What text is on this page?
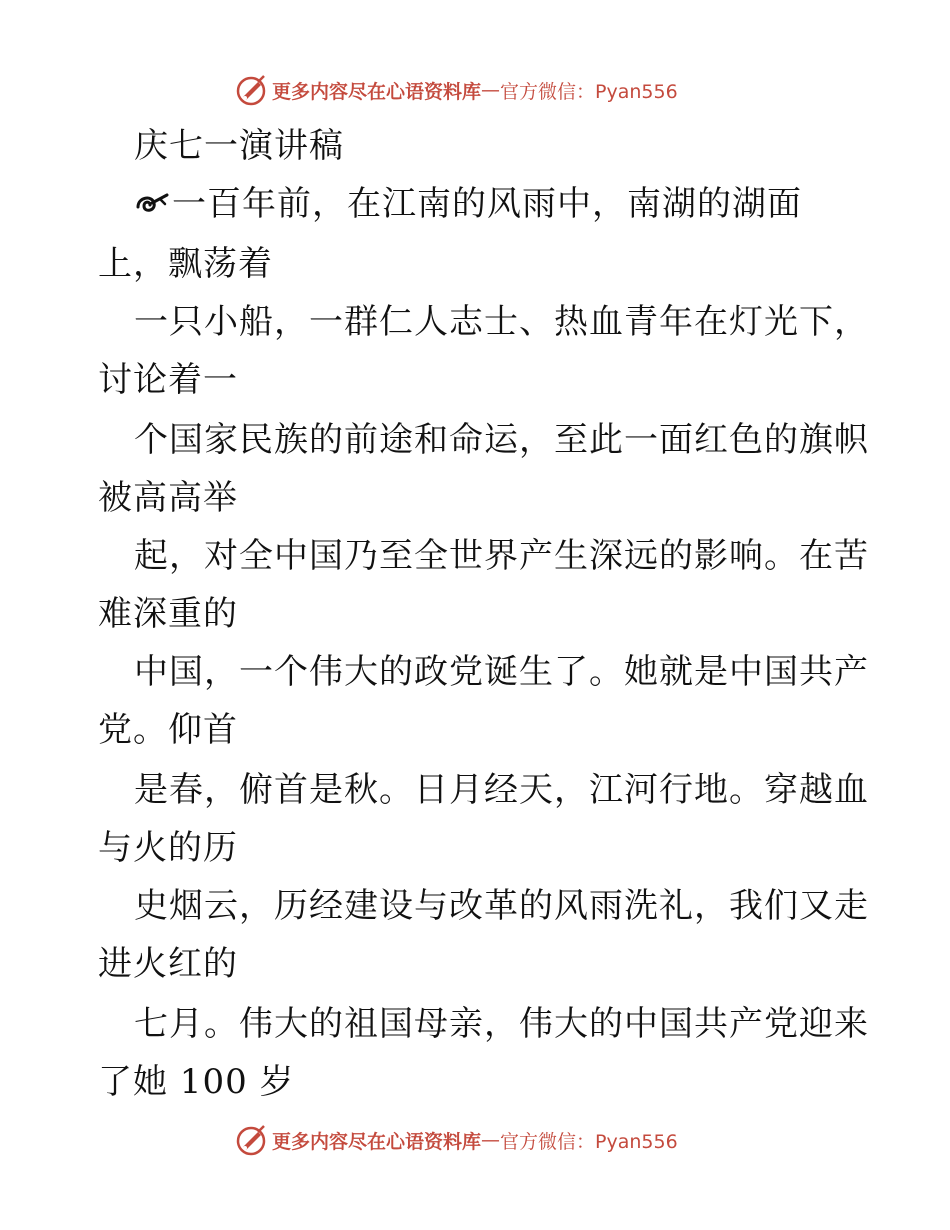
更多内容尽在心语资料库 — 官方微信：Pyan556
庆七一演讲稿
一百年前，在江南的风雨中，南湖的湖面
上，飘荡着
一只小船，一群仁人志士、热血青年在灯光下，
讨论着一
个国家民族的前途和命运，至此一面红色的旗帜
被高高举
起，对全中国乃至全世界产生深远的影响。在苦
难深重的
中国，一个伟大的政党诞生了。她就是中国共产
党。仰首
是春，俯首是秋。日月经天，江河行地。穿越血
与火的历
史烟云，历经建设与改革的风雨洗礼，我们又走
进火红的
七月。伟大的祖国母亲，伟大的中国共产党迎来
了她 100 岁
更多内容尽在心语资料库 — 官方微信：Pyan556
